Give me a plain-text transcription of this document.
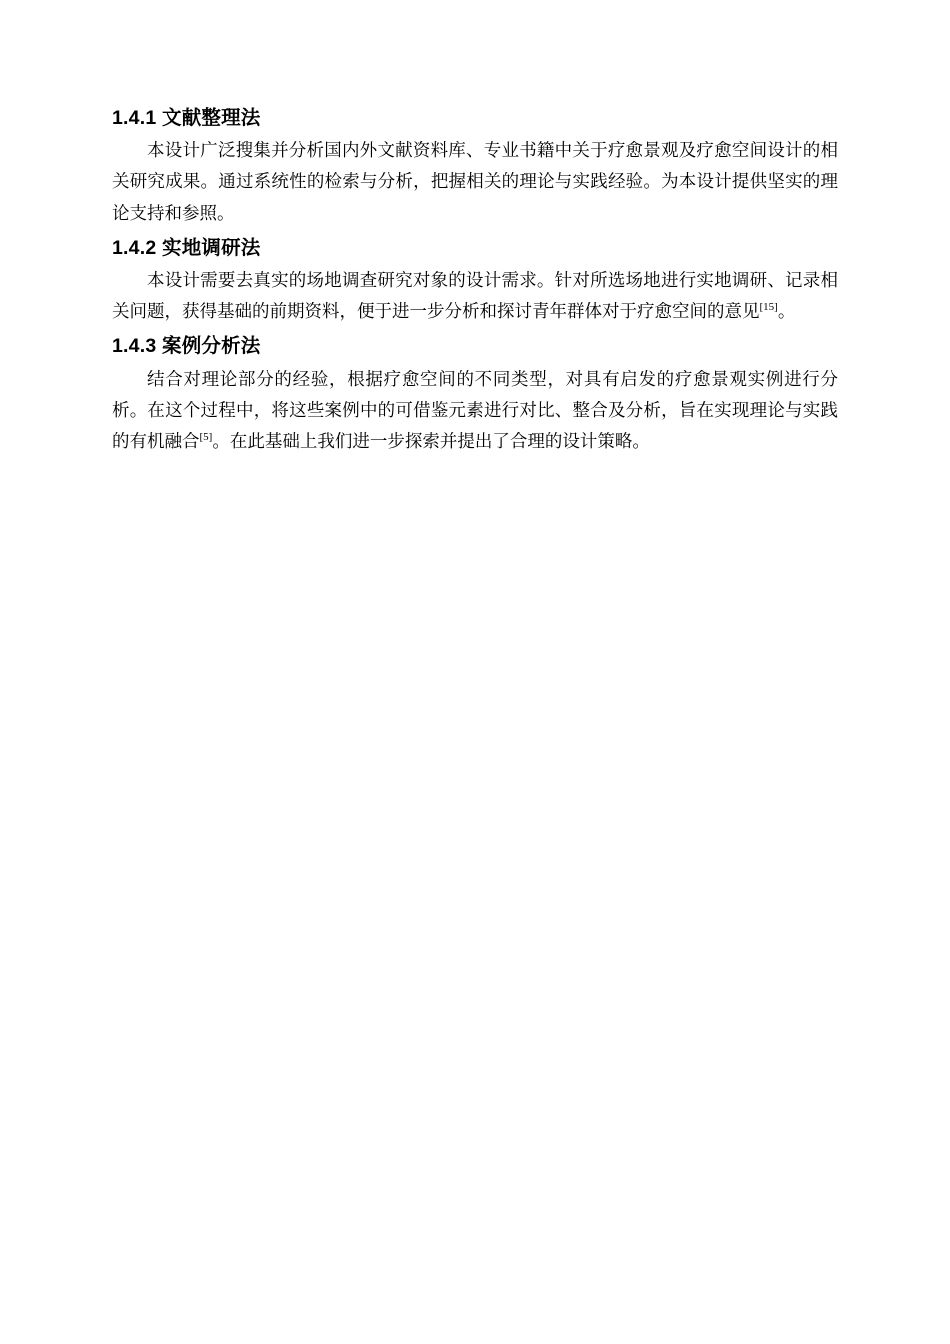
1.4.1 文献整理法

本设计广泛搜集并分析国内外文献资料库、专业书籍中关于疗愈景观及疗愈空间设计的相关研究成果。通过系统性的检索与分析，把握相关的理论与实践经验。为本设计提供坚实的理论支持和参照。

1.4.2 实地调研法

本设计需要去真实的场地调查研究对象的设计需求。针对所选场地进行实地调研、记录相关问题，获得基础的前期资料，便于进一步分析和探讨青年群体对于疗愈空间的意见[15]。

1.4.3 案例分析法

结合对理论部分的经验，根据疗愈空间的不同类型，对具有启发的疗愈景观实例进行分析。在这个过程中，将这些案例中的可借鉴元素进行对比、整合及分析，旨在实现理论与实践的有机融合[5]。在此基础上我们进一步探索并提出了合理的设计策略。
